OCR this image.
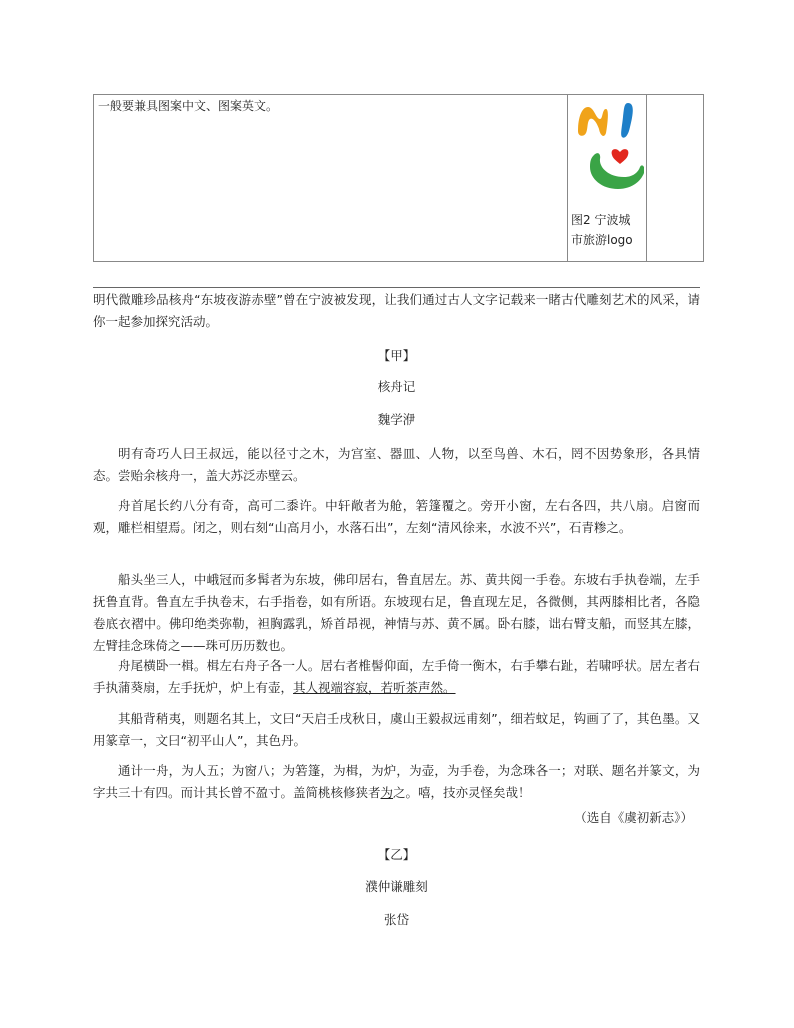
一般要兼具图案中文、图案英文。
图2 宁波城
市旅游logo
明代微雕珍品核舟“东坡夜游赤壁”曾在宁波被发现，让我们通过古人文字记载来一睹古代雕刻艺术的风采，请你一起参加探究活动。
【甲】
核舟记
魏学洢
明有奇巧人曰王叔远，能以径寸之木，为宫室、器皿、人物，以至鸟兽、木石，罔不因势象形，各具情态。尝贻余核舟一，盖大苏泛赤壁云。
舟首尾长约八分有奇，高可二黍许。中轩敞者为舱，箬篷覆之。旁开小窗，左右各四，共八扇。启窗而观，雕栏相望焉。闭之，则右刻“山高月小，水落石出”，左刻“清风徐来，水波不兴”，石青糁之。
船头坐三人，中峨冠而多髯者为东坡，佛印居右，鲁直居左。苏、黄共阅一手卷。东坡右手执卷端，左手抚鲁直背。鲁直左手执卷末，右手指卷，如有所语。东坡现右足，鲁直现左足，各微侧，其两膝相比者，各隐卷底衣褶中。佛印绝类弥勒，袒胸露乳，矫首昂视，神情与苏、黄不属。卧右膝，诎右臂支船，而竖其左膝，左臂挂念珠倚之——珠可历历数也。
舟尾横卧一楫。楫左右舟子各一人。居右者椎髻仰面，左手倚一衡木，右手攀右趾，若啸呼状。居左者右手执蒲葵扇，左手抚炉，炉上有壶，其人视端容寂，若听茶声然。
其船背稍夷，则题名其上，文曰“天启壬戌秋日，虞山王毅叔远甫刻”，细若蚊足，钩画了了，其色墨。又用篆章一，文曰“初平山人”，其色丹。
通计一舟，为人五；为窗八；为箬篷，为楫，为炉，为壶，为手卷，为念珠各一；对联、题名并篆文，为字共三十有四。而计其长曾不盈寸。盖简桃核修狭者为之。嘻，技亦灵怪矣哉！
（选自《虞初新志》）
【乙】
濮仲谦雕刻
张岱
